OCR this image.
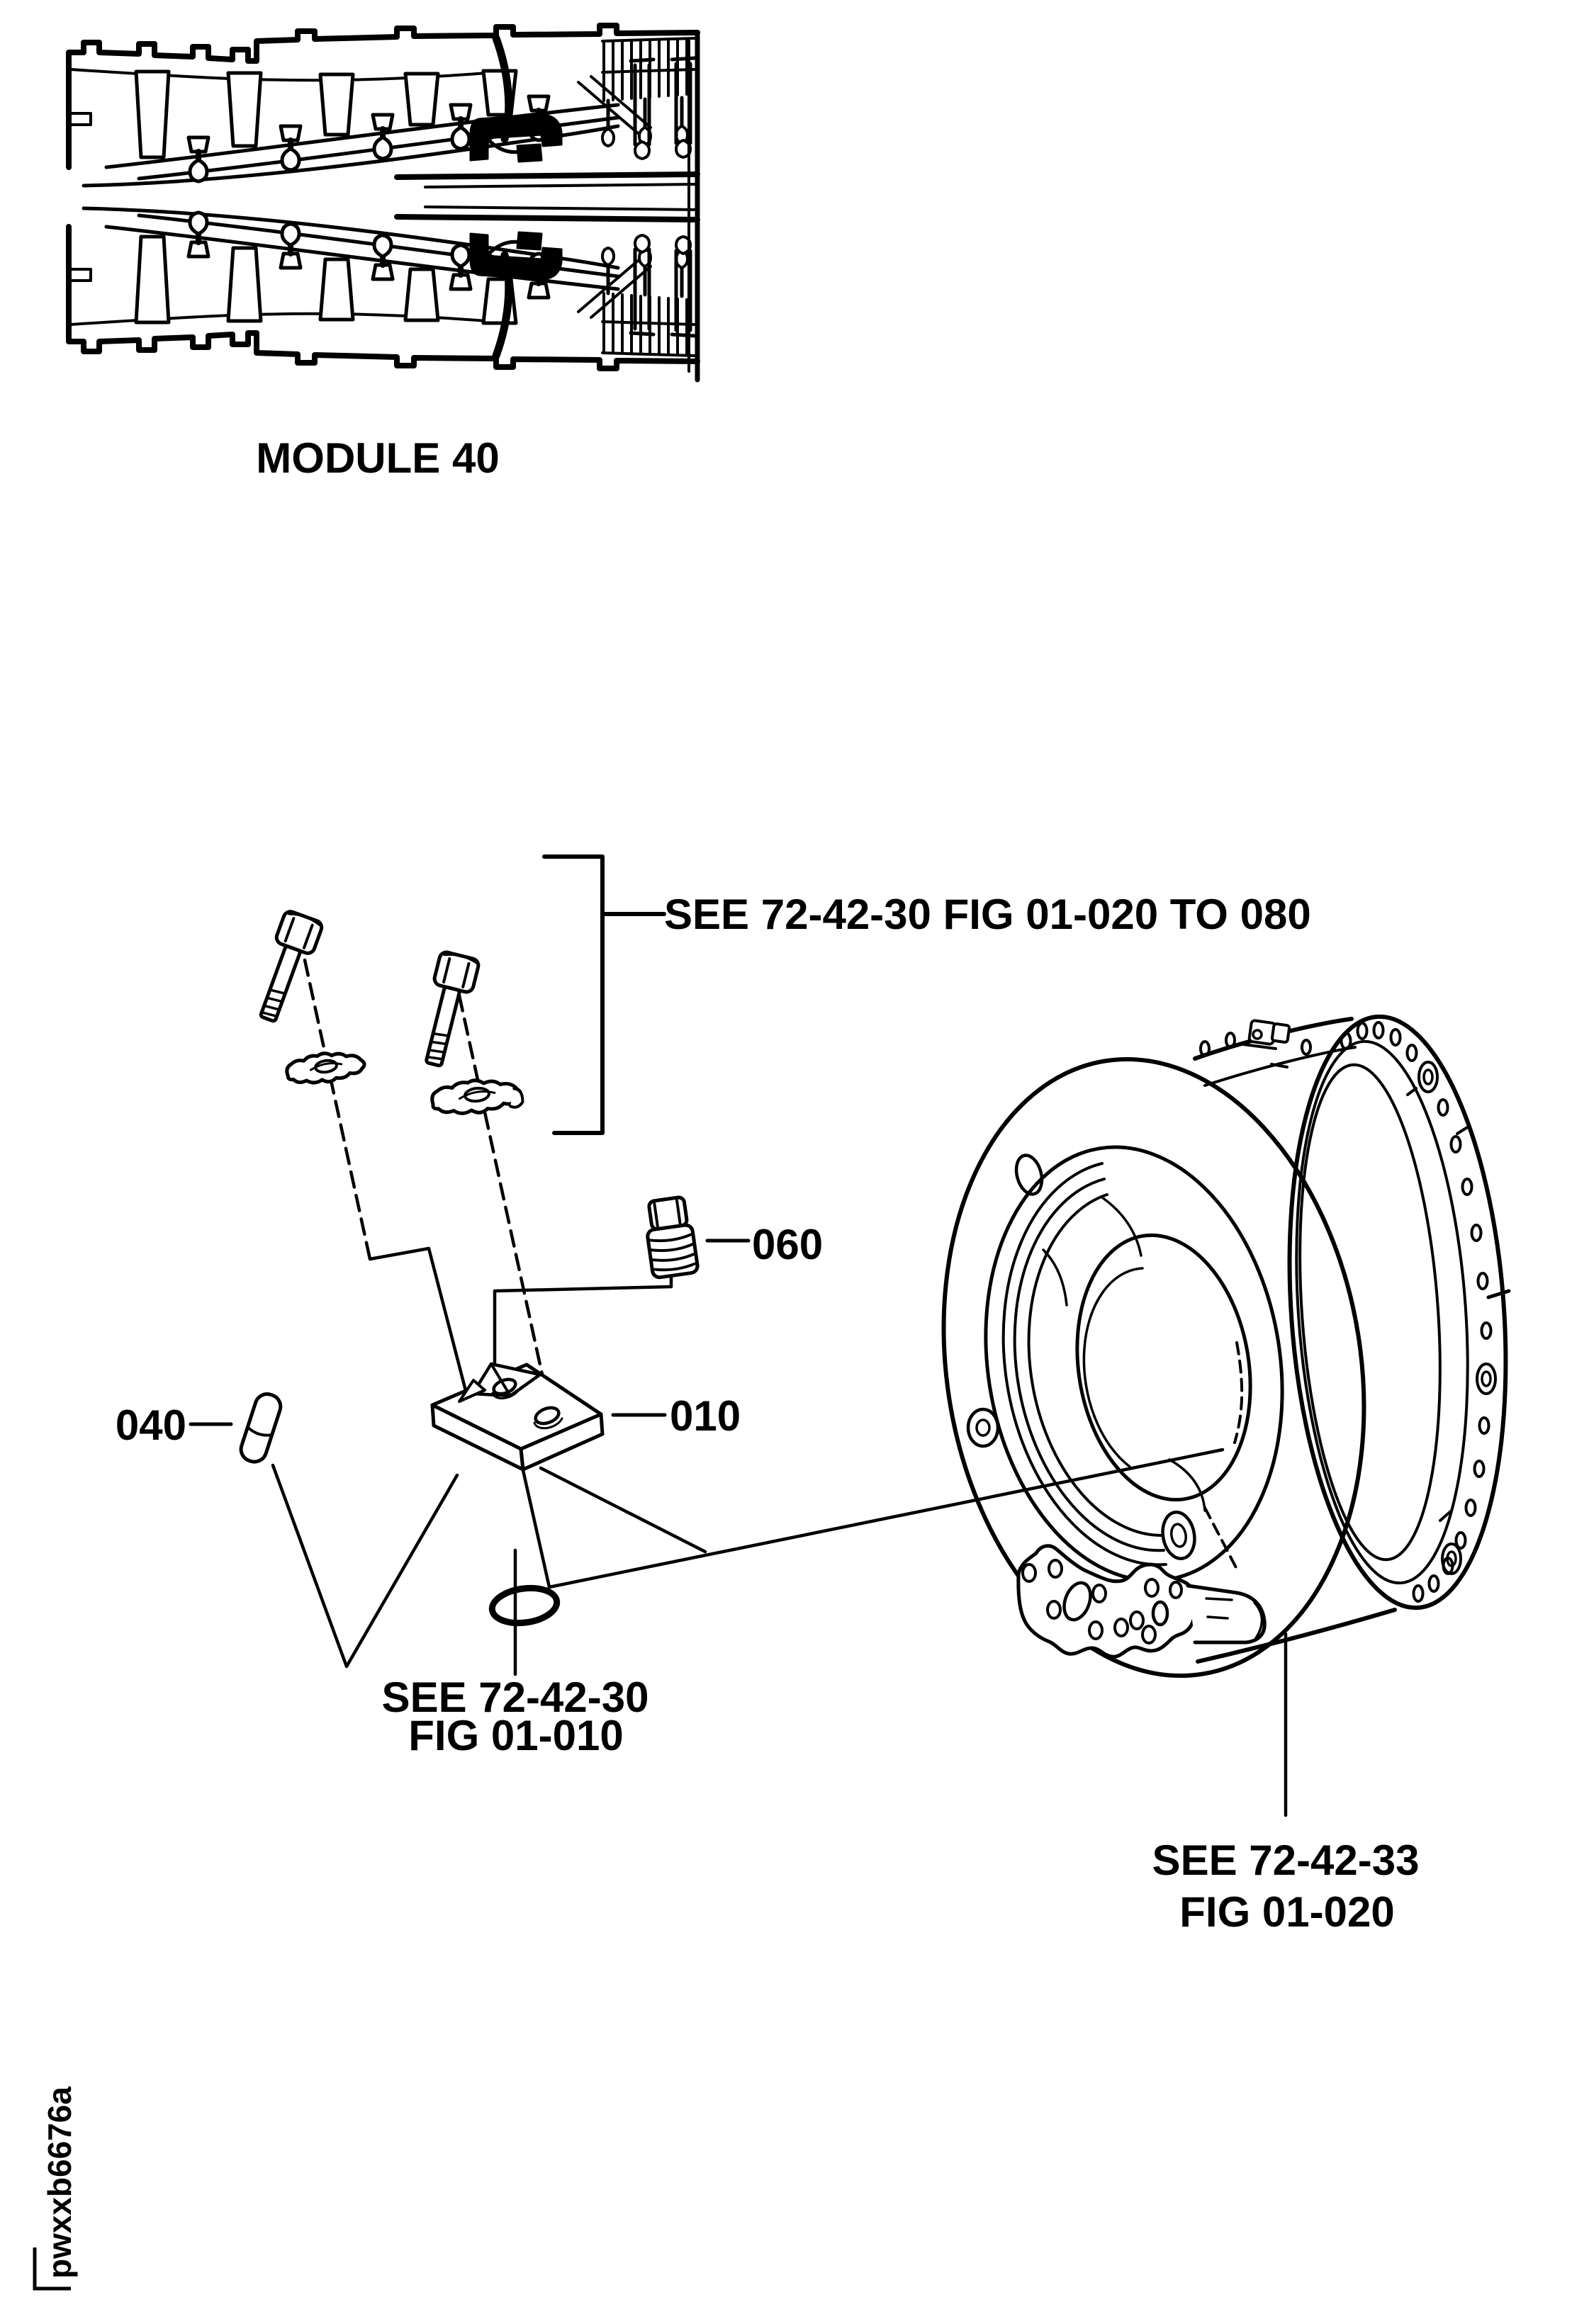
MODULE 40
SEE 72-42-30 FIG 01-020 TO 080
060
040	010
SEE 72-42-30
FIG 01-010
SEE 72-42-33
FIG 01-020
pwxxb6676a
